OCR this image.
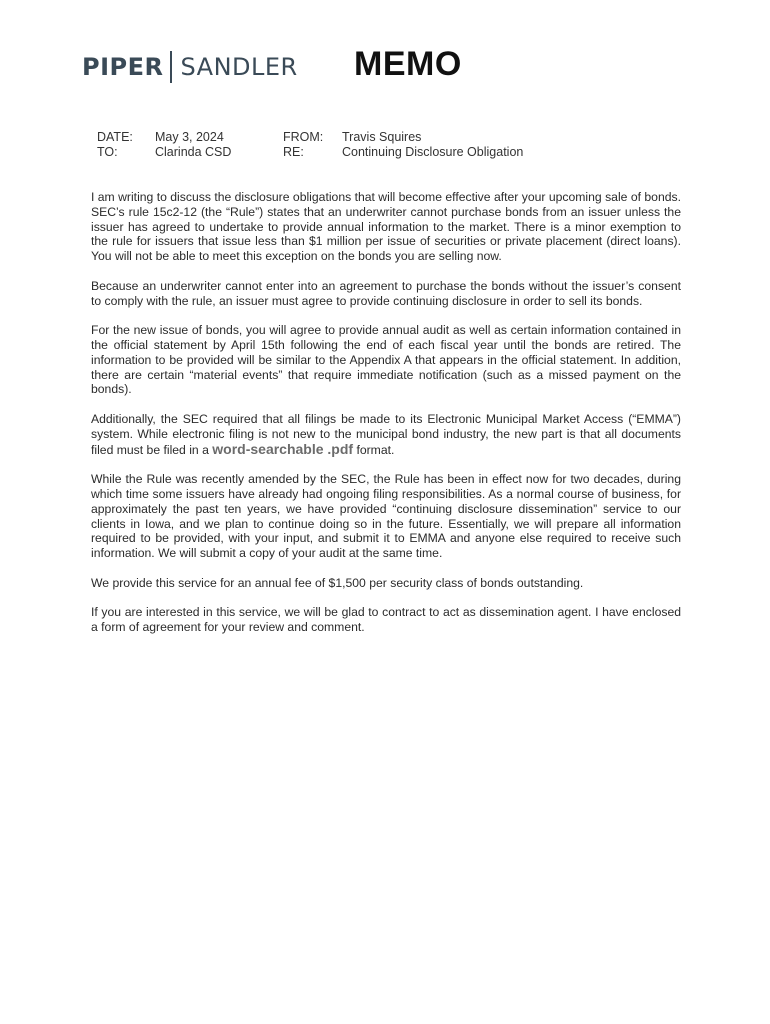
PIPER SANDLER MEMO
DATE: May 3, 2024	FROM: Travis Squires
TO:	Clarinda CSD	RE:	Continuing Disclosure Obligation

I am writing to discuss the disclosure obligations that will become effective after your upcoming sale of bonds. SEC’s rule 15c2-12 (the “Rule”) states that an underwriter cannot purchase bonds from an issuer unless the issuer has agreed to undertake to provide annual information to the market. There is a minor exemption to the rule for issuers that issue less than $1 million per issue of securities or private placement (direct loans). You will not be able to meet this exception on the bonds you are selling now.

Because an underwriter cannot enter into an agreement to purchase the bonds without the issuer’s consent to comply with the rule, an issuer must agree to provide continuing disclosure in order to sell its bonds.

For the new issue of bonds, you will agree to provide annual audit as well as certain information contained in the official statement by April 15th following the end of each fiscal year until the bonds are retired. The information to be provided will be similar to the Appendix A that appears in the official statement. In addition, there are certain “material events” that require immediate notification (such as a missed payment on the bonds).

Additionally, the SEC required that all filings be made to its Electronic Municipal Market Access (“EMMA”) system. While electronic filing is not new to the municipal bond industry, the new part is that all documents filed must be filed in a word-searchable .pdf format.

While the Rule was recently amended by the SEC, the Rule has been in effect now for two decades, during which time some issuers have already had ongoing filing responsibilities. As a normal course of business, for approximately the past ten years, we have provided “continuing disclosure dissemination” service to our clients in Iowa, and we plan to continue doing so in the future. Essentially, we will prepare all information required to be provided, with your input, and submit it to EMMA and anyone else required to receive such information. We will submit a copy of your audit at the same time.

We provide this service for an annual fee of $1,500 per security class of bonds outstanding.

If you are interested in this service, we will be glad to contract to act as dissemination agent. I have enclosed a form of agreement for your review and comment.
